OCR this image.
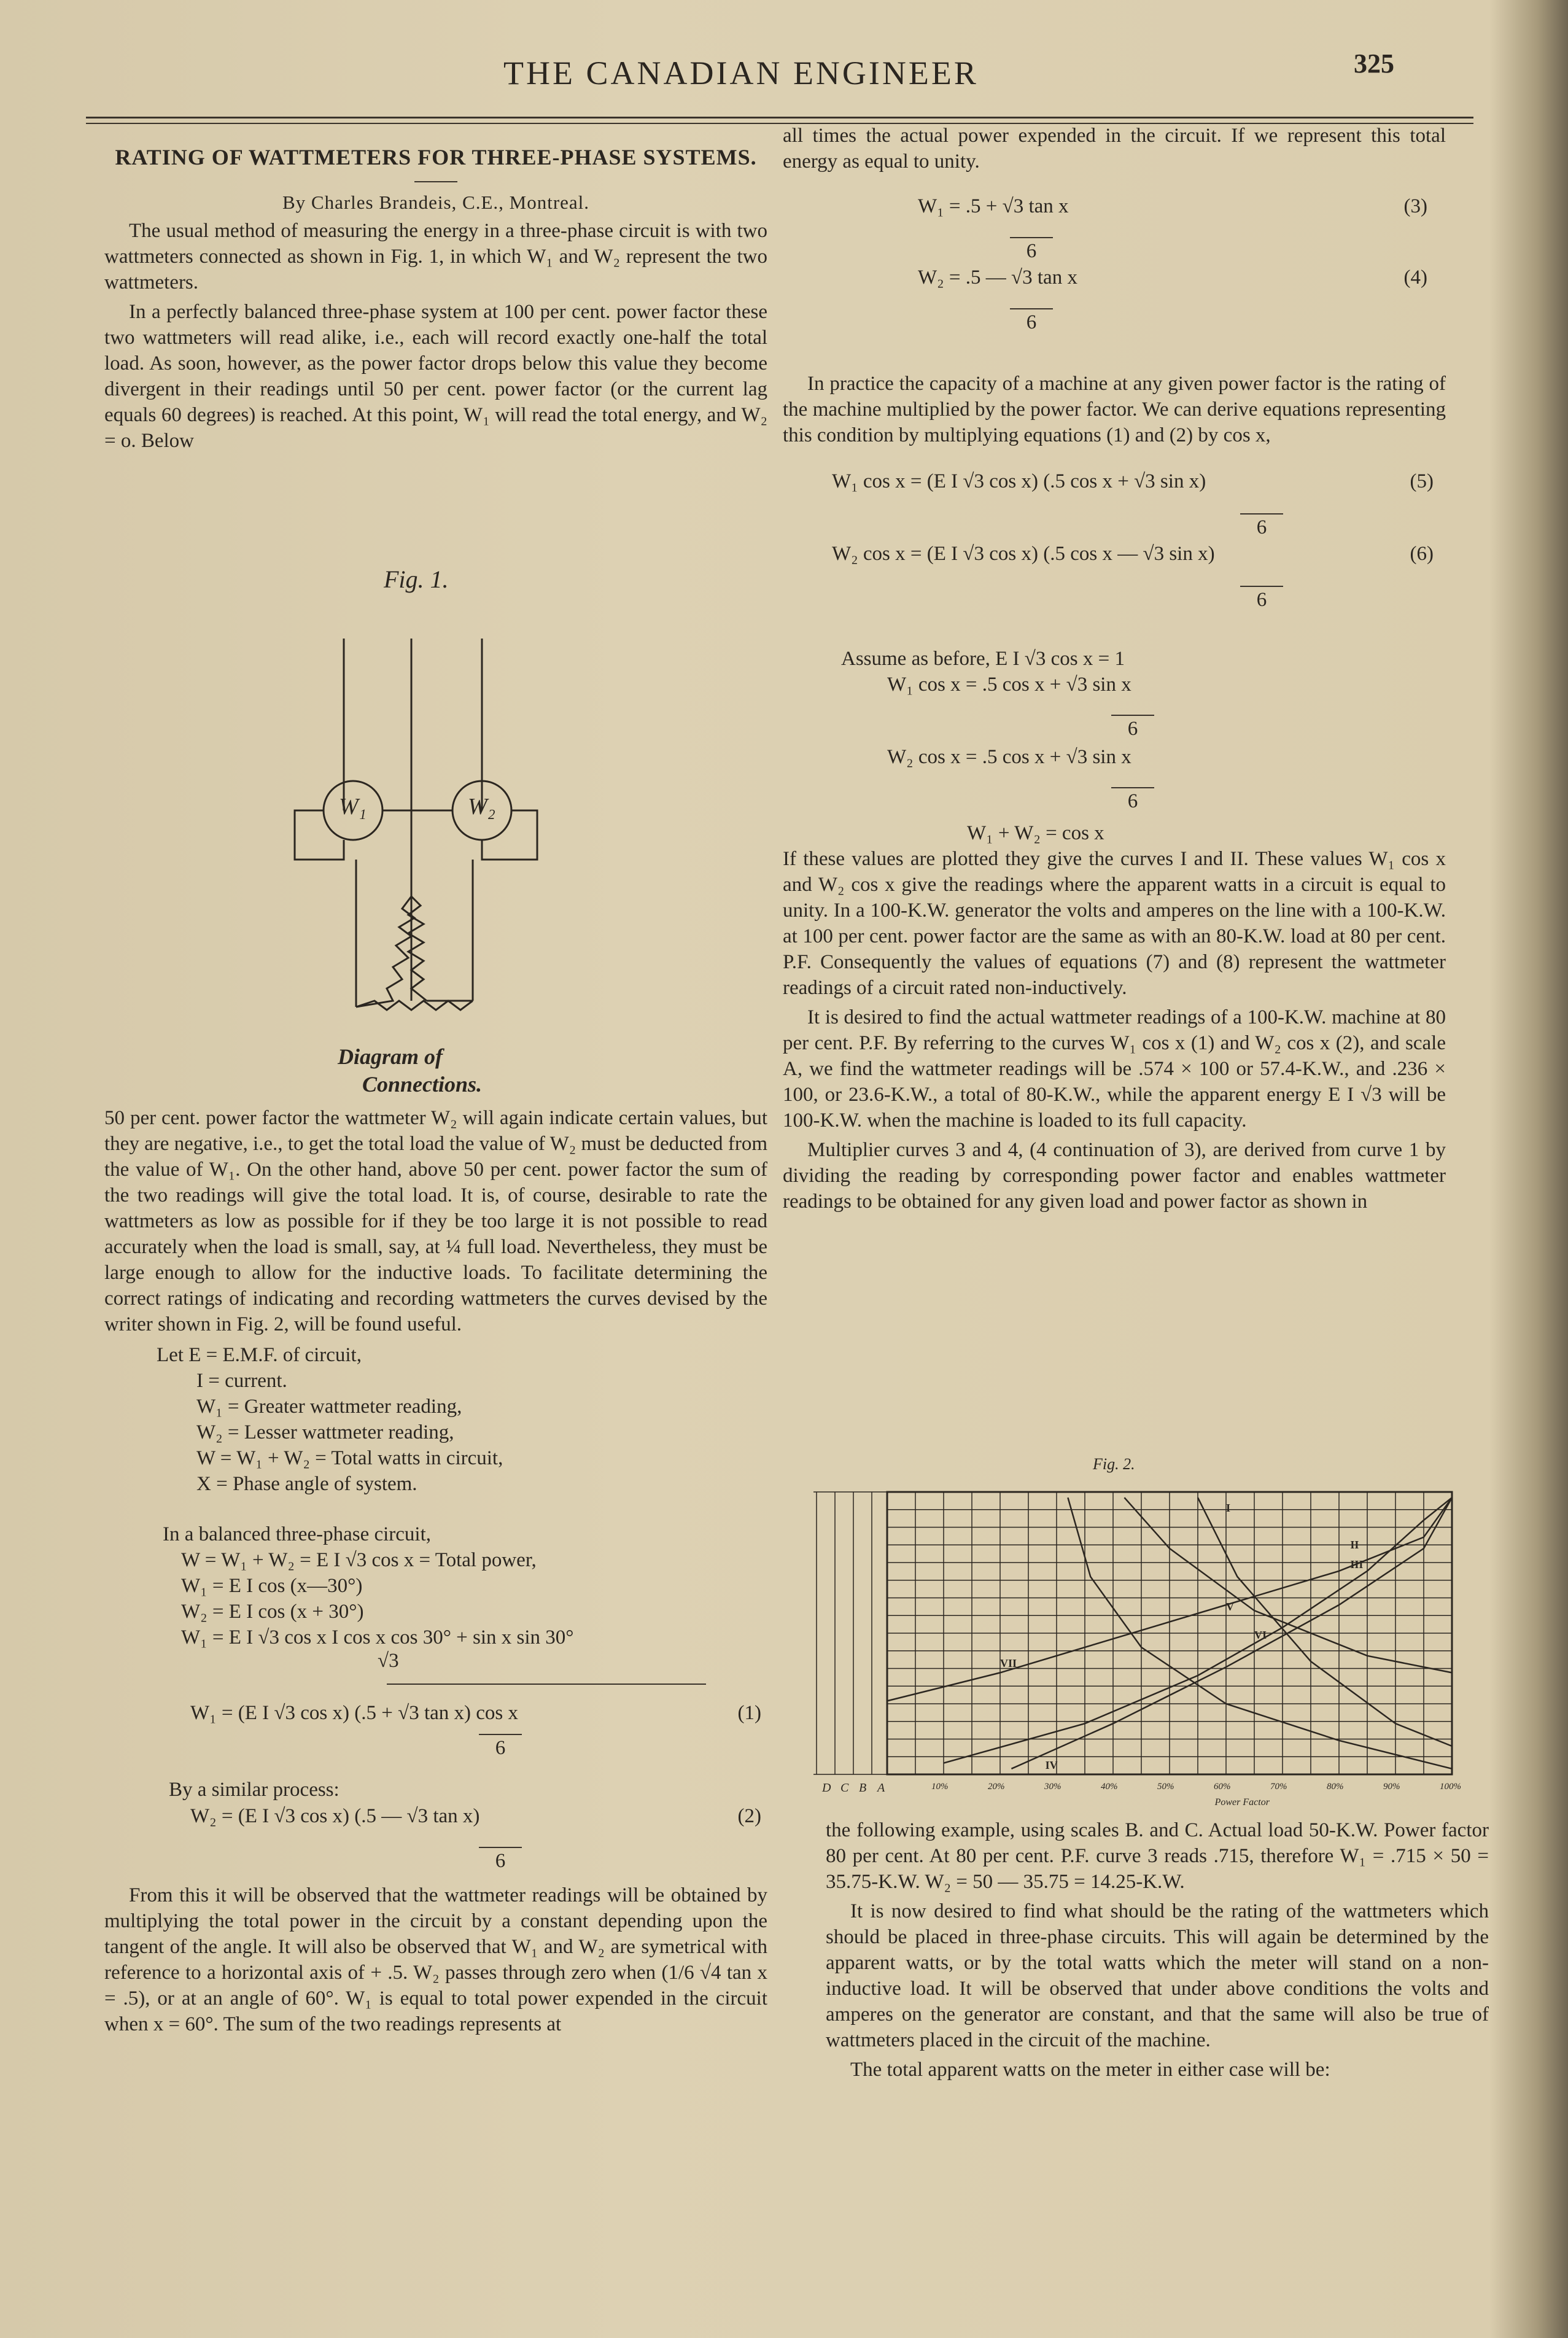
THE CANADIAN ENGINEER	325
RATING OF WATTMETERS FOR THREE-PHASE SYSTEMS.
By Charles Brandeis, C.E., Montreal.

The usual method of measuring the energy in a three-phase circuit is with two wattmeters connected as shown in Fig. 1, in which W₁ and W₂ represent the two wattmeters.

In a perfectly balanced three-phase system at 100 per cent. power factor these two wattmeters will read alike, i.e., each will record exactly one-half the total load. As soon, however, as the power factor drops below this value they become divergent in their readings until 50 per cent. power factor (or the current lag equals 60 degrees) is reached. At this point, W₁ will read the total energy, and W₂ = o. Below

Fig. 1.
W₁	W₂
Diagram of
Connections.

50 per cent. power factor the wattmeter W₂ will again indicate certain values, but they are negative, i.e., to get the total load the value of W₂ must be deducted from the value of W₁. On the other hand, above 50 per cent. power factor the sum of the two readings will give the total load. It is, of course, desirable to rate the wattmeters as low as possible for if they be too large it is not possible to read accurately when the load is small, say, at ¼ full load. Nevertheless, they must be large enough to allow for the inductive loads. To facilitate determining the correct ratings of indicating and recording wattmeters the curves devised by the writer shown in Fig. 2, will be found useful.

Let E = E.M.F. of circuit,
I = current.
W₁ = Greater wattmeter reading,
W₂ = Lesser wattmeter reading,
W = W₁ + W₂ = Total watts in circuit,
X = Phase angle of system.
In a balanced three-phase circuit,
W = W₁ + W₂ = E I √3 cos x = Total power,
W₁ = E I cos (x—30°)
W₂ = E I cos (x + 30°)
W₁ = E I √3 cos x I cos x cos 30° + sin x sin 30°
√3
W₁ = (E I √3 cos x) (.5 + √3 tan x) cos x	(1)
6
By a similar process:
W₂ = (E I √3 cos x) (.5 — √3 tan x)	(2)
6

From this it will be observed that the wattmeter readings will be obtained by multiplying the total power in the circuit by a constant depending upon the tangent of the angle. It will also be observed that W₁ and W₂ are symetrical with reference to a horizontal axis of + .5. W₂ passes through zero when (1/6 √4 tan x = .5), or at an angle of 60°. W₁ is equal to total power expended in the circuit when x = 60°. The sum of the two readings represents at

all times the actual power expended in the circuit. If we represent this total energy as equal to unity.

W₁ = .5 + √3 tan x	(3)
6
W₂ = .5 — √3 tan x	(4)
6

In practice the capacity of a machine at any given power factor is the rating of the machine multiplied by the power factor. We can derive equations representing this condition by multiplying equations (1) and (2) by cos x,

W₁ cos x = (E I √3 cos x) (.5 cos x + √3 sin x)	(5)
6
W₂ cos x = (E I √3 cos x) (.5 cos x — √3 sin x)	(6)
6
Assume as before, E I √3 cos x = 1
W₁ cos x = .5 cos x + √3 sin x
6
W₂ cos x = .5 cos x + √3 sin x
6
W₁ + W₂ = cos x

If these values are plotted they give the curves I and II. These values W₁ cos x and W₂ cos x give the readings where the apparent watts in a circuit is equal to unity. In a 100-K.W. generator the volts and amperes on the line with a 100-K.W. at 100 per cent. power factor are the same as with an 80-K.W. load at 80 per cent. P.F. Consequently the values of equations (7) and (8) represent the wattmeter readings of a circuit rated non-inductively.

It is desired to find the actual wattmeter readings of a 100-K.W. machine at 80 per cent. P.F. By referring to the curves W₁ cos x (1) and W₂ cos x (2), and scale A, we find the wattmeter readings will be .574 × 100 or 57.4-K.W., and .236 × 100, or 23.6-K.W., a total of 80-K.W., while the apparent energy E I √3 will be 100-K.W. when the machine is loaded to its full capacity.

Multiplier curves 3 and 4, (4 continuation of 3), are derived from curve 1 by dividing the reading by corresponding power factor and enables wattmeter readings to be obtained for any given load and power factor as shown in

Fig. 2.
D C B A	10%	20%	30%	40%	50%	60%	70%	80%	90%	100%
Power Factor
I
II
III
IV
V
VI
VII

the following example, using scales B. and C. Actual load 50-K.W. Power factor 80 per cent. At 80 per cent. P.F. curve 3 reads .715, therefore W₁ = .715 × 50 = 35.75-K.W. W₂ = 50 — 35.75 = 14.25-K.W.

It is now desired to find what should be the rating of the wattmeters which should be placed in three-phase circuits. This will again be determined by the apparent watts, or by the total watts which the meter will stand on a non-inductive load. It will be observed that under above conditions the volts and amperes on the generator are constant, and that the same will also be true of wattmeters placed in the circuit of the machine.

The total apparent watts on the meter in either case will be:
